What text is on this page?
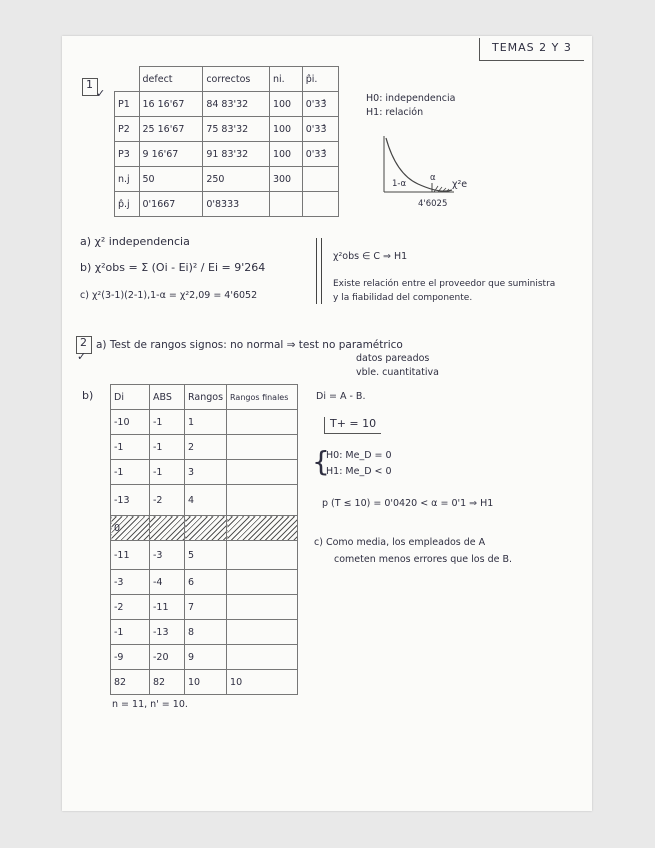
TEMAS 2 Y 3
1
✓
	defect	correctos	ni.	p̂i.
P1	16 16'67	84 83'32	100	0'33̂
P2	25 16'67	75 83'32	100	0'33̂
P3	9 16'67	91 83'32	100	0'33̂
n.j	50	250	300	
p̂.j	0'1667	0'8333		
H0: independencia
H1: relación
1-α
α
χ²e
4'6025
a) χ² independencia
b) χ²obs = Σ (Oi - Ei)² / Ei = 9'264
c) χ²(3-1)(2-1),1-α = χ²2,09 = 4'6052
χ²obs ∈ C ⇒ H1
Existe relación entre el proveedor que suministra
y la fiabilidad del componente.
2
✓
a) Test de rangos signos: no normal ⇒ test no paramétrico
datos pareados
vble. cuantitativa
b) Di	ABS	Rangos	Rangos finales
-10	-1	1	
-1	-1	2	
-1	-1	3	
-13	-2	4	
0			
-11	-3	5	
-3	-4	6	
-2	-11	7	
-1	-13	8	
-9	-20	9	
82	82	10	10
Di = A - B.
T+ = 10
{
H0: Me_D = 0
H1: Me_D < 0
p (T ≤ 10) = 0'0420 < α = 0'1 ⇒ H1
c) Como media, los empleados de A
cometen menos errores que los de B.
n = 11, n' = 10.
